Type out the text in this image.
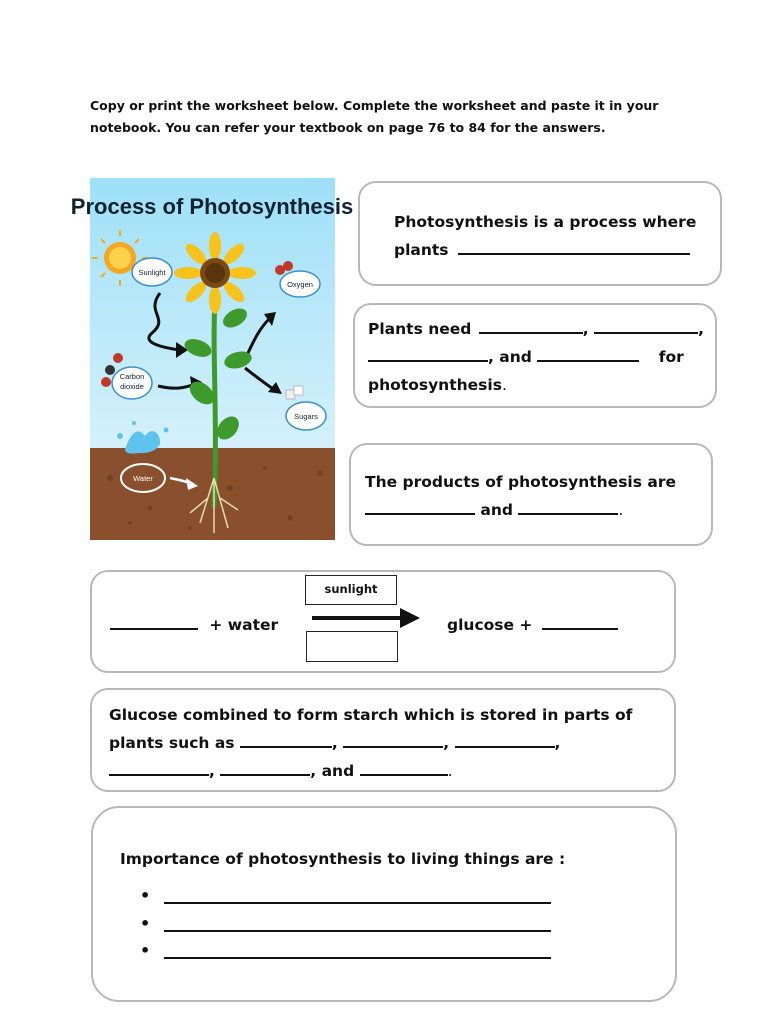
Copy or print the worksheet below. Complete the worksheet and paste it in your
notebook. You can refer your textbook on page 76 to 84 for the answers.
Process of Photosynthesis
Sunlight
Carbon
dioxide
Oxygen
Sugars
Water
Photosynthesis is a process where
plants
Plants need	,	,
, and	for
photosynthesis.
The products of photosynthesis are
and	.
sunlight
+ water	glucose +
Glucose combined to form starch which is stored in parts of
plants such as	,	,	,
,	, and	.
Importance of photosynthesis to living things are :
•
•
•
